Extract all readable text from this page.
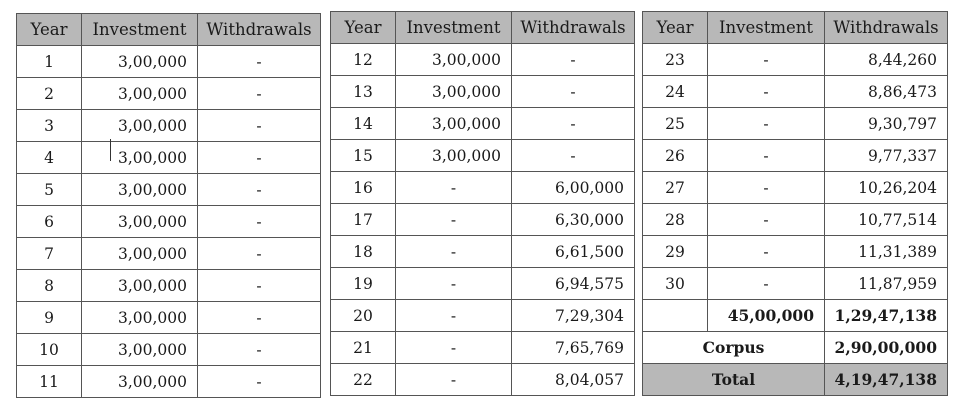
Year	Investment	Withdrawals
1	3,00,000	-
2	3,00,000	-
3	3,00,000	-
4	3,00,000	-
5	3,00,000	-
6	3,00,000	-
7	3,00,000	-
8	3,00,000	-
9	3,00,000	-
10	3,00,000	-
11	3,00,000	-
Year	Investment	Withdrawals
12	3,00,000	-
13	3,00,000	-
14	3,00,000	-
15	3,00,000	-
16	-	6,00,000
17	-	6,30,000
18	-	6,61,500
19	-	6,94,575
20	-	7,29,304
21	-	7,65,769
22	-	8,04,057
Year	Investment	Withdrawals
23	-	8,44,260
24	-	8,86,473
25	-	9,30,797
26	-	9,77,337
27	-	10,26,204
28	-	10,77,514
29	-	11,31,389
30	-	11,87,959
	45,00,000	1,29,47,138
Corpus		2,90,00,000
Total		4,19,47,138
